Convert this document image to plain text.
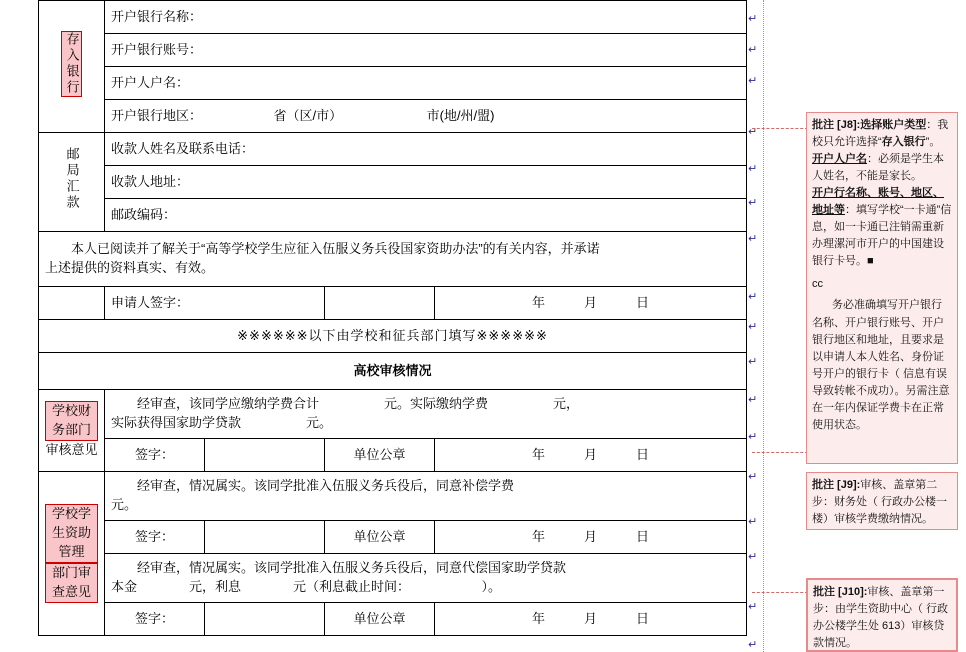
存入银行	开户银行名称：			
	开户银行账号：			
	开户人户名：			
	开户银行地区：　　　　　　省（区/市）　　　　　　　市(地/州/盟)			
邮局汇款	收款人姓名及联系电话：			
	收款人地址：			
	邮政编码：			

本人已阅读并了解关于“高等学校学生应征入伍服义务兵役国家资助办法”的有关内容，并承诺
上述提供的资料真实、有效。				

	申请人签字：			年　　　月　　　日
※※※※※※以下由学校和征兵部门填写※※※※※※				
高校审核情况				

学校财务部门
审核意见

经审查，该同学应缴纳学费合计　　　　　元。实际缴纳学费　　　　　元，
实际获得国家助学贷款　　　　　元。

	签字：		单位公章	年　　　月　　　日

学校学生资助管理
部门审查意见

经审查，情况属实。该同学批准入伍服义务兵役后，同意补偿学费
元。

	签字：		单位公章	年　　　月　　　日

	经审查，情况属实。该同学批准入伍服义务兵役后，同意代偿国家助学贷款
本金　　　　元，利息　　　　元（利息截止时间：　　　　　　）。			

	签字：		单位公章	年　　　月　　　日
↵
↵
↵
↵
↵
↵
↵
↵
↵
↵
↵
↵
↵
↵
↵
↵
↵
批注 [J8]:选择账户类型：我校只允许选择“存入银行”。
开户人户名：必须是学生本人姓名，不能是家长。
开户行名称、账号、地区、地址等：填写学校“一卡通”信息，如一卡通已注销需重新办理漯河市开户的中国建设银行卡号。■
cc
务必准确填写开户银行名称、开户银行账号、开户银行地区和地址，且要求是以申请人本人姓名、身份证号开户的银行卡（ 信息有误导致转帐不成功）。另需注意在一年内保证学费卡在正常使用状态。
批注 [J9]:审核、盖章第二步：财务处（ 行政办公楼一楼）审核学费缴纳情况。
批注 [J10]:审核、盖章第一步：由学生资助中心（ 行政办公楼学生处 613）审核贷款情况。
